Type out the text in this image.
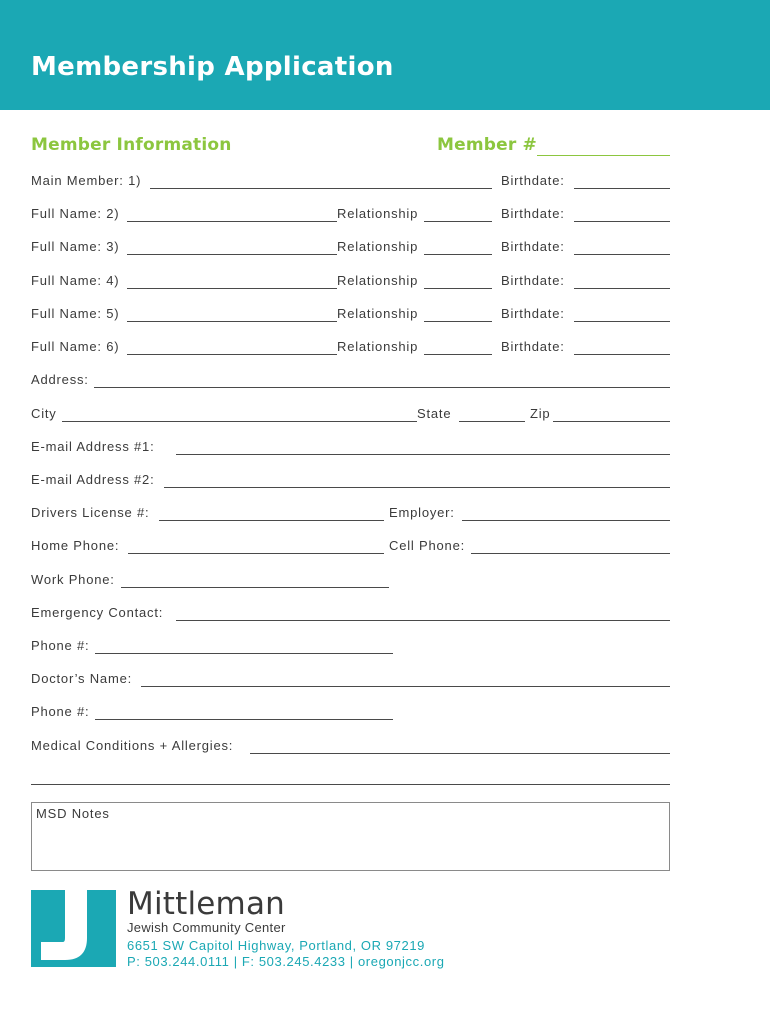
Membership Application
Member Information	Member #
Main Member: 1)	Birthdate:
Full Name: 2)	Relationship	Birthdate:
Full Name: 3)	Relationship	Birthdate:
Full Name: 4)	Relationship	Birthdate:
Full Name: 5)	Relationship	Birthdate:
Full Name: 6)	Relationship	Birthdate:
Address:
City	State	Zip
E-mail Address #1:
E-mail Address #2:
Drivers License #:	Employer:
Home Phone:	Cell Phone:
Work Phone:
Emergency Contact:
Phone #:
Doctor’s Name:
Phone #:
Medical Conditions + Allergies:
MSD Notes
Mittleman
Jewish Community Center
6651 SW Capitol Highway, Portland, OR 97219
P: 503.244.0111 | F: 503.245.4233 | oregonjcc.org
